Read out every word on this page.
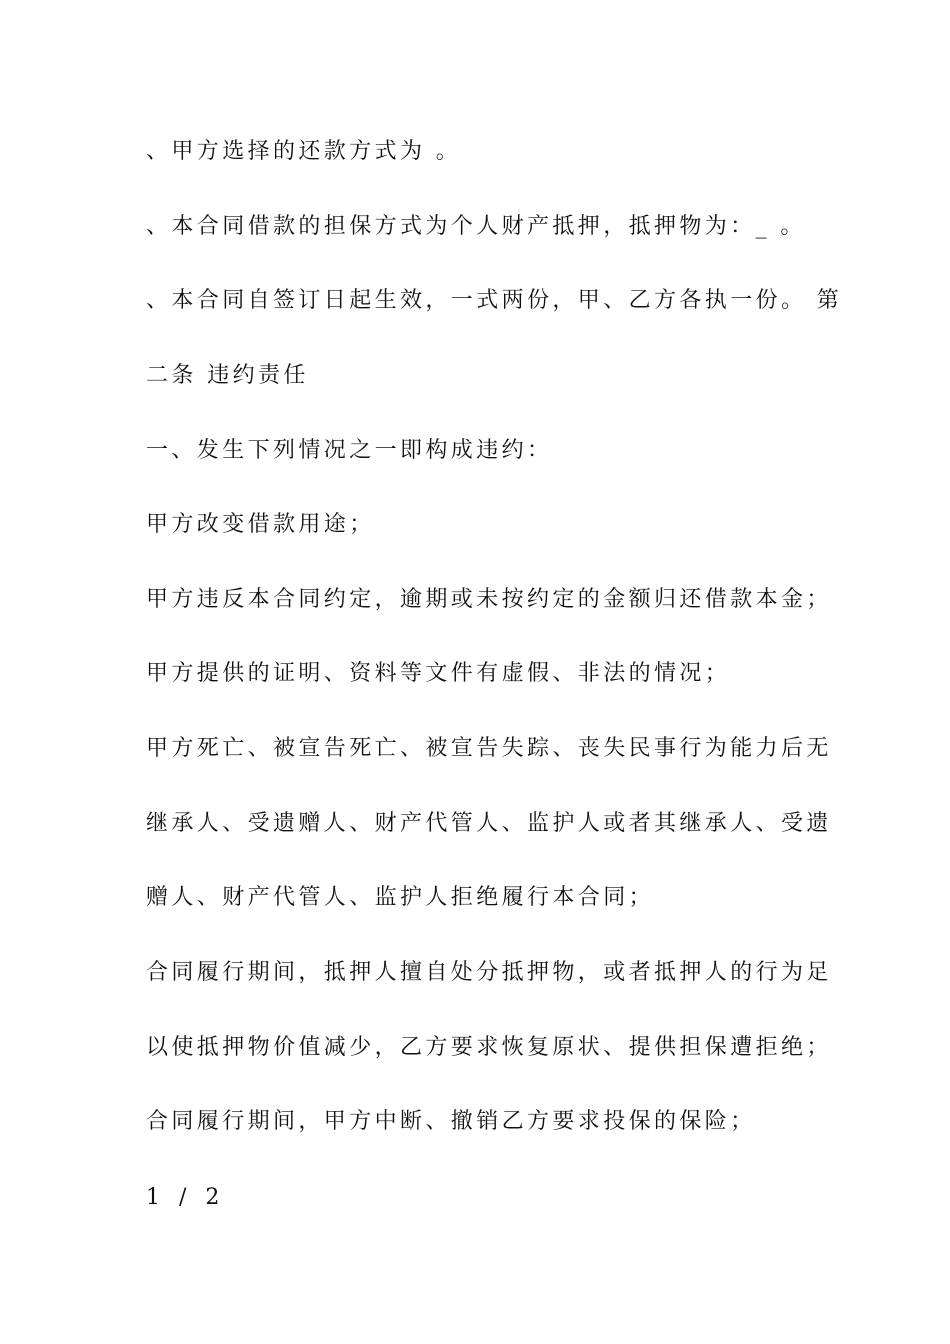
、甲方选择的还款方式为 。
、本合同借款的担保方式为个人财产抵押，抵押物为：_ 。
、本合同自签订日起生效，一式两份，甲、乙方各执一份。 第
二条 违约责任
一、发生下列情况之一即构成违约：
甲方改变借款用途；
甲方违反本合同约定，逾期或未按约定的金额归还借款本金；
甲方提供的证明、资料等文件有虚假、非法的情况；
甲方死亡、被宣告死亡、被宣告失踪、丧失民事行为能力后无
继承人、受遗赠人、财产代管人、监护人或者其继承人、受遗
赠人、财产代管人、监护人拒绝履行本合同；
合同履行期间，抵押人擅自处分抵押物，或者抵押人的行为足
以使抵押物价值减少，乙方要求恢复原状、提供担保遭拒绝；
合同履行期间，甲方中断、撤销乙方要求投保的保险；
1 / 2
